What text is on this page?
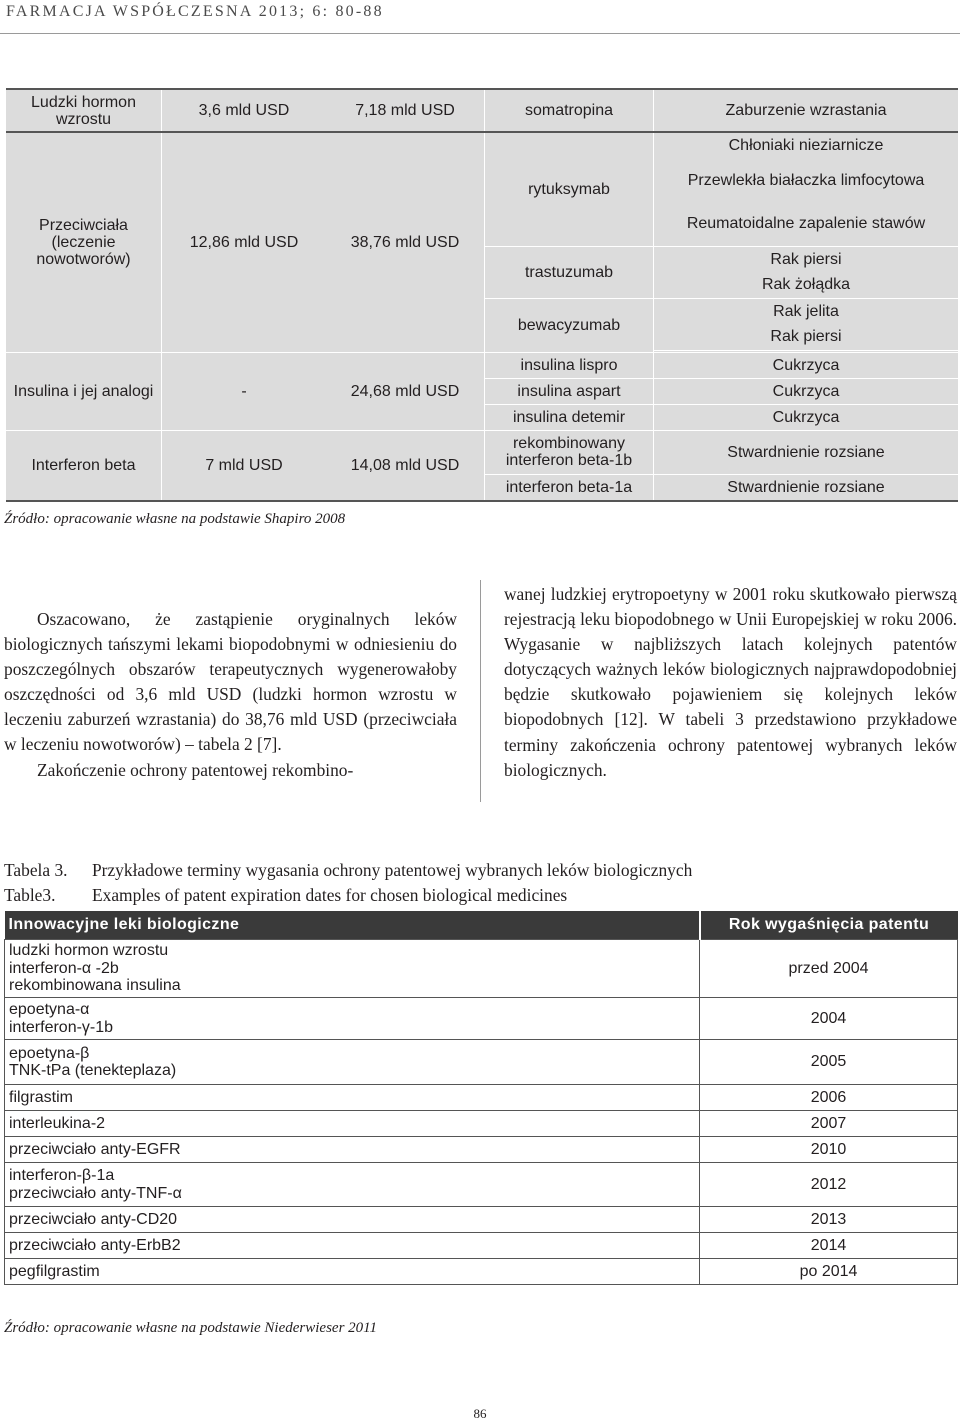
FARMACJA WSPÓŁCZESNA 2013; 6: 80-88
Ludzki hormon wzrostu	3,6 mld USD	7,18 mld USD	somatropina	Zaburzenie wzrastania
Przeciwciała (leczenie nowotworów)	12,86 mld USD	38,76 mld USD	rytuksymab	Chłoniaki nieziarnicze
				Przewlekła białaczka limfocytowa
				Reumatoidalne zapalenie stawów
			trastuzumab	Rak piersi
				Rak żołądka
			bewacyzumab	Rak jelita
				Rak piersi

Insulina i jej analogi	-	24,68 mld USD	insulina lispro	Cukrzyca
			insulina aspart	Cukrzyca
			insulina detemir	Cukrzyca
Interferon beta	7 mld USD	14,08 mld USD	rekombinowany interferon beta-1b	Stwardnienie rozsiane
			interferon beta-1a	Stwardnienie rozsiane
Źródło: opracowanie własne na podstawie Shapiro 2008

Oszacowano, że zastąpienie oryginalnych leków biologicznych tańszymi lekami biopodobnymi w odniesieniu do poszczególnych obszarów terapeutycznych wygenerowałoby oszczędności od 3,6 mld USD (ludzki hormon wzrostu w leczeniu zaburzeń wzrastania) do 38,76 mld USD (przeciwciała w leczeniu nowotworów) – tabela 2 [7].

Zakończenie ochrony patentowej rekombino-

wanej ludzkiej erytropoetyny w 2001 roku skutkowało pierwszą rejestracją leku biopodobnego w Unii Europejskiej w roku 2006. Wygasanie w najbliższych latach kolejnych patentów dotyczących ważnych leków biologicznych najprawdopodobniej będzie skutkowało pojawieniem się kolejnych leków biopodobnych [12]. W tabeli 3 przedstawiono przykładowe terminy zakończenia ochrony patentowej wybranych leków biologicznych.

Tabela 3. Przykładowe terminy wygasania ochrony patentowej wybranych leków biologicznych
Table3. Examples of patent expiration dates for chosen biological medicines
Innowacyjne leki biologiczne	Rok wygaśnięcia patentu

ludzki hormon wzrostu
interferon-α -2b
rekombinowana insulina	przed 2004

epoetyna-α
interferon-γ-1b	2004

epoetyna-β
TNK-tPa (tenekteplaza)	2005
filgrastim	2006
interleukina-2	2007
przeciwciało anty-EGFR	2010

interferon-β-1a
przeciwciało anty-TNF-α	2012
przeciwciało anty-CD20	2013
przeciwciało anty-ErbB2	2014
pegfilgrastim	po 2014
Źródło: opracowanie własne na podstawie Niederwieser 2011
86
